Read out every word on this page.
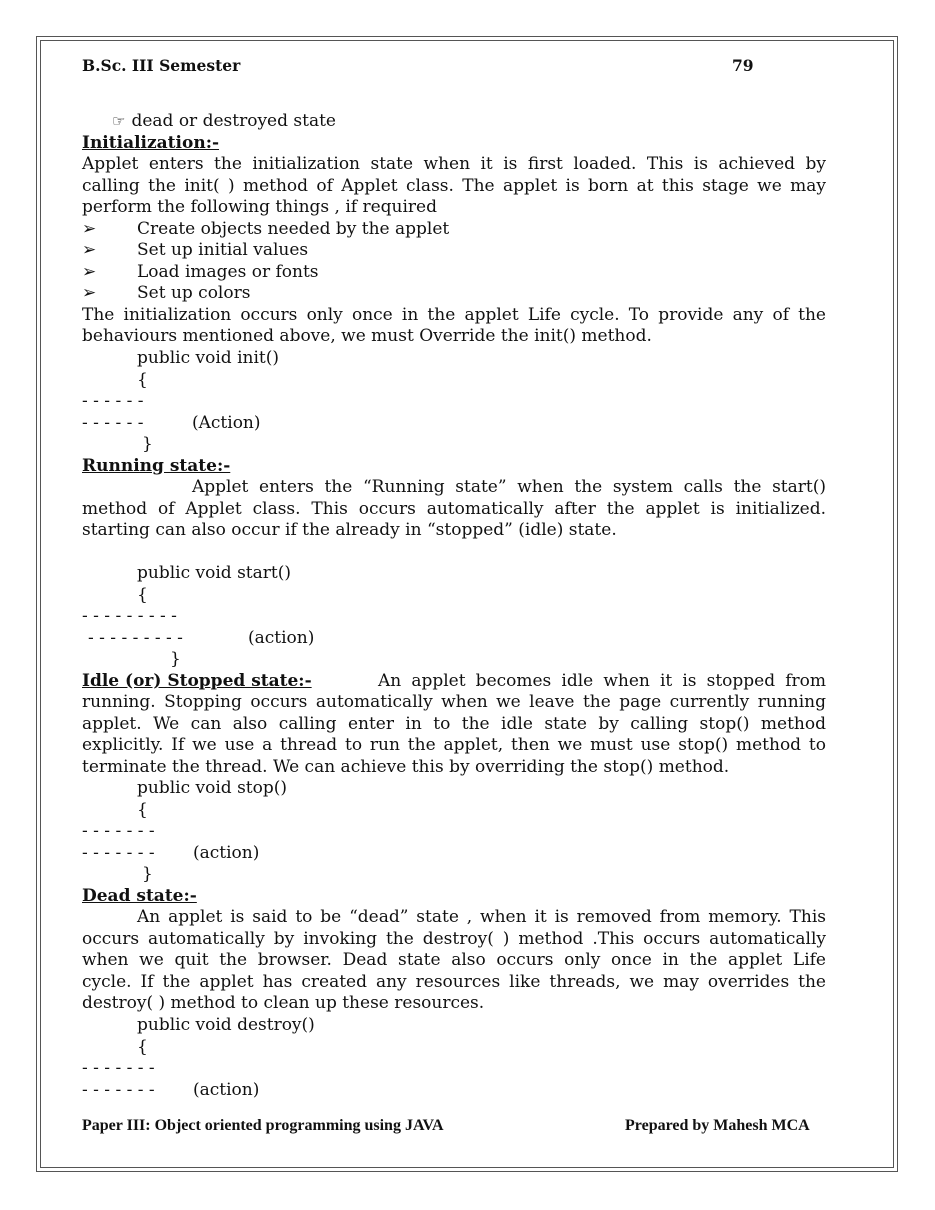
B.Sc. III Semester	79
☞ dead or destroyed state
Initialization:-
Applet enters the initialization state when it is first loaded. This is achieved by
calling the init( ) method of Applet class. The applet is born at this stage we may
perform the following things , if required
➢ Create objects needed by the applet
➢ Set up initial values
➢ Load images or fonts
➢ Set up colors
The initialization occurs only once in the applet Life cycle. To provide any of the
behaviours mentioned above, we must Override the init() method.
public void init()
{
- - - - - -
- - - - - -	(Action)
}
Running state:-
Applet enters the “Running state” when the system calls the start()
method of Applet class. This occurs automatically after the applet is initialized.
starting can also occur if the already in “stopped” (idle) state.
public void start()
{
- - - - - - - - -
- - - - - - - - -	(action)
}
Idle (or) Stopped state:-	An applet becomes idle when it is stopped from
running. Stopping occurs automatically when we leave the page currently running
applet. We can also calling enter in to the idle state by calling stop() method
explicitly. If we use a thread to run the applet, then we must use stop() method to
terminate the thread. We can achieve this by overriding the stop() method.
public void stop()
{
- - - - - - -
- - - - - - - (action)
}
Dead state:-
An applet is said to be “dead” state , when it is removed from memory. This
occurs automatically by invoking the destroy( ) method .This occurs automatically
when we quit the browser. Dead state also occurs only once in the applet Life
cycle. If the applet has created any resources like threads, we may overrides the
destroy( ) method to clean up these resources.
public void destroy()
{
- - - - - - -
- - - - - - - (action)
Paper III: Object oriented programming using JAVA	Prepared by Mahesh MCA
